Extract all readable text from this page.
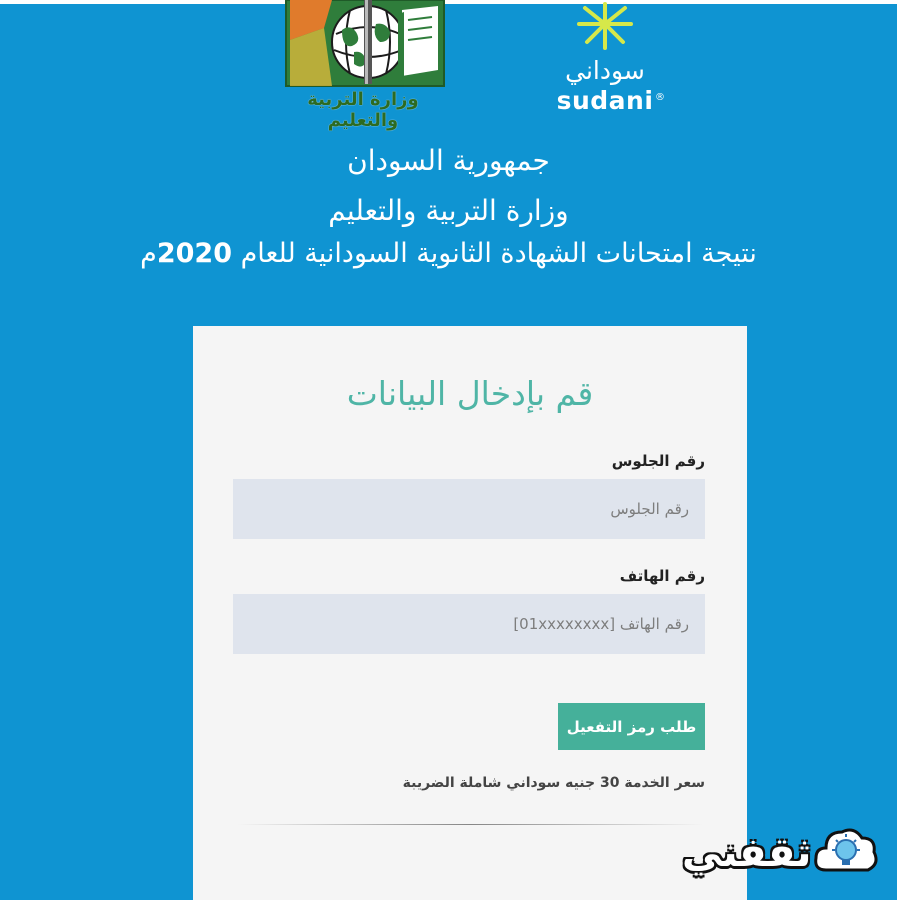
وزارة التربية والتعليم
سوداني
sudani ®
جمهورية السودان
وزارة التربية والتعليم
نتيجة امتحانات الشهادة الثانوية السودانية للعام 2020م
قم بإدخال البيانات
رقم الجلوس
رقم الجلوس
رقم الهاتف
رقم الهاتف [01xxxxxxxx]
طلب رمز التفعيل
سعر الخدمة 30 جنيه سوداني شاملة الضريبة
ثقفني
